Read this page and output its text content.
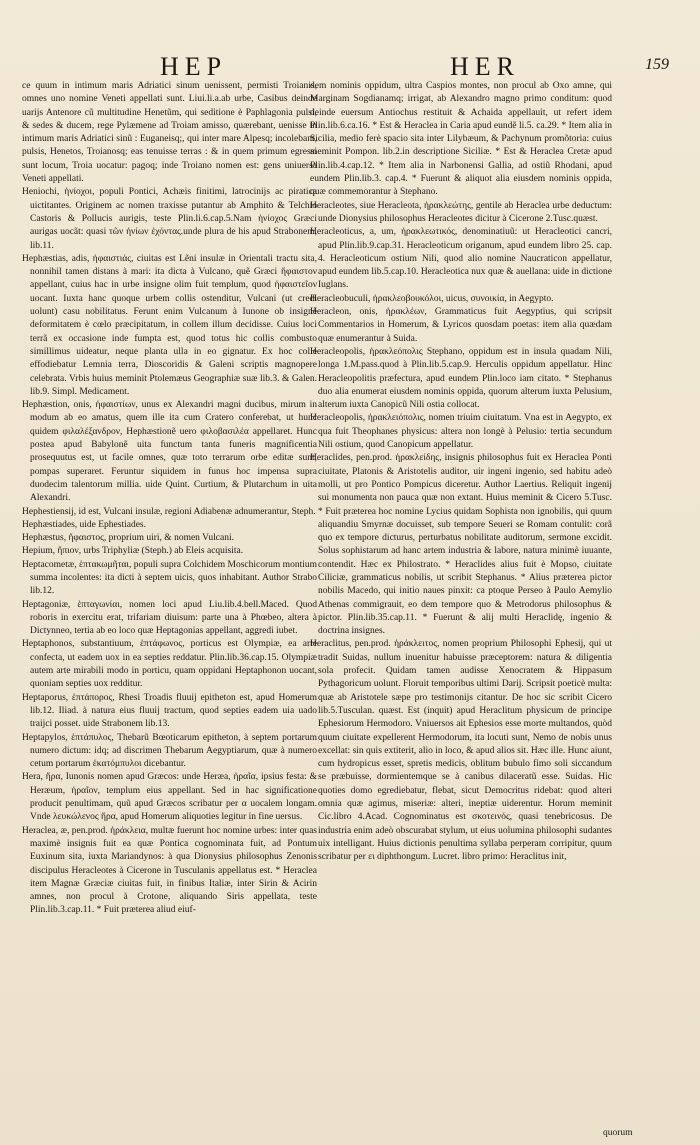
HEP	HER	159

ce quum in intimum maris Adriatici sinum uenissent, permisti Troianis, omnes uno nomine Veneti appellati sunt. Liui.li.a.ab urbe, Casibus deinde uarijs Antenore cũ multitudine Henetũm, qui seditione è Paphlagonia pulsi, & sedes & ducem, rege Pylæmene ad Troiam amisso, quærebant, uenisse in intimum maris Adriatici sinũ : Euganeisq;, qui inter mare Alpesq; incolebant, pulsis, Henetos, Troianosq; eas tenuisse terras : & in quem primum egressi sunt locum, Troia uocatur: pagoq; inde Troiano nomen est: gens uniuersa Veneti appellati.

Heniochi, ἡνίοχοι, populi Pontici, Achæis finitimi, latrocinijs ac piratica uictitantes. Originem ac nomen traxisse putantur ab Amphito & Telchio Castoris & Pollucis aurigis, teste Plin.li.6.cap.5.Nam ἡνίοχος Græci aurigas uocãt: quasi τῶν ἡνίων ἐχόντας.unde plura de his apud Strabonem, lib.11.

Hephæstias, adis, ἡφαιστιάς, ciuitas est Lẽni insulæ in Orientali tractu sita, nonnihil tamen distans à mari: ita dicta à Vulcano, quẽ Græci ἥφαιστον appellant, cuius hac in urbe insigne olim fuit templum, quod ἡφαιστεῖον uocant. Iuxta hanc quoque urbem collis ostenditur, Vulcani (ut credi uolunt) casu nobilitatus. Ferunt enim Vulcanum à Iunone ob insignẽ deformitatem è cœlo præcipitatum, in collem illum decidisse. Cuius loci terrã ex occasione inde fumpta est, quod totus hic collis combusto simillimus uideatur, neque planta ulla in eo gignatur. Ex hoc colle effodiebatur Lemnia terra, Dioscoridis & Galeni scriptis magnopere celebrata. Vrbis huius meminit Ptolemæus Geographiæ suæ lib.3. & Galen. lib.9. Simpl. Medicament.

Hephæstion, onis, ἡφαιστίων, unus ex Alexandri magni ducibus, mirum in modum ab eo amatus, quem ille ita cum Cratero conferebat, ut hunc quidem φιλαλέξανδρον, Hephæstionẽ uero φιλοβασιλέα appellaret. Hunc postea apud Babylonẽ uita functum tanta funeris magnificentia prosequutus est, ut facile omnes, quæ toto terrarum orbe editæ sunt, pompas superaret. Feruntur siquidem in funus hoc impensa supra duodecim talentorum millia. uide Quint. Curtium, & Plutarchum in uita Alexandri.

Hephestiensij, id est, Vulcani insulæ, regioni Adiabenæ adnumerantur, Steph.

Hephæstiades, uide Ephestiades.

Hephæstus, ἥφαιστος, proprium uiri, & nomen Vulcani.

Hepium, ἤπιον, urbs Triphyliæ (Steph.) ab Eleis acquisita.

Heptacometæ, ἑπτακωμῆται, populi supra Colchidem Moschicorum montium summa incolentes: ita dicti à septem uicis, quos inhabitant. Author Strabo lib.12.

Heptagoniæ, ἑπταγωνίαι, nomen loci apud Liu.lib.4.bell.Maced. Quod roboris in exercitu erat, trifariam diuisum: parte una à Phœbeo, altera à Dictynneo, tertia ab eo loco quæ Heptagonias appellant, aggredi iubet.

Heptaphonos, substantiuum, ἑπτάφωνος, porticus est Olympiæ, ea arte confecta, ut eadem uox in ea septies reddatur. Plin.lib.36.cap.15. Olympiæ autem arte mirabili modo in porticu, quam oppidani Heptaphonon uocant, quoniam septies uox redditur.

Heptaporus, ἑπτάπορος, Rhesi Troadis fluuij epitheton est, apud Homerum lib.12. Iliad. à natura eius fluuij tractum, quod septies eadem uia uado traijci posset. uide Strabonem lib.13.

Heptapylos, ἑπτάπυλος, Thebarũ Bœoticarum epitheton, à septem portarum numero dictum: idq; ad discrimen Thebarum Aegyptiarum, quæ à numero cetum portarum ἑκατόμπυλοι dicebantur.

Hera, ἥρα, Iunonis nomen apud Græcos: unde Heræa, ἡραῖα, ipsius festa: & Heræum, ἡραῖον, templum eius appellant. Sed in hac significatione producit penultimam, quũ apud Græcos scribatur per α uocalem longam. Vnde λευκώλενος ἥρα, apud Homerum aliquoties legitur in fine uersus.

Heraclea, æ, pen.prod. ἡράκλεια, multæ fuerunt hoc nomine urbes: inter quas maximè insignis fuit ea quæ Pontica cognominata fuit, ad Pontum Euxinum sita, iuxta Mariandynos: à qua Dionysius philosophus Zenonis discipulus Heracleotes à Cicerone in Tusculanis appellatus est. * Heraclea item Magnæ Græciæ ciuitas fuit, in finibus Italiæ, inter Sirin & Acirin amnes, non procul à Crotone, aliquando Siris appellata, teste Plin.lib.3.cap.11. * Fuit præterea aliud eiuf-

dem nominis oppidum, ultra Caspios montes, non procul ab Oxo amne, qui Marginam Sogdianamq; irrigat, ab Alexandro magno primo conditum: quod deinde euersum Antiochus restituit & Achaida appellauit, ut refert idem Plin.lib.6.ca.16. * Est & Heraclea in Caria apud eundẽ li.5. ca.29. * Item alia in Sicilia, medio ferè spacio sita inter Lilybæum, & Pachynum promõtoria: cuius meminit Pompon. lib.2.in descriptione Siciliæ. * Est & Heraclea Cretæ apud Plin.lib.4.cap.12. * Item alia in Narbonensi Gallia, ad ostiũ Rhodani, apud eundem Plin.lib.3. cap.4. * Fuerunt & aliquot alia eiusdem nominis oppida, quæ commemorantur à Stephano.

Heracleotes, siue Heracleota, ἡρακλεώτης, gentile ab Heraclea urbe deductum: unde Dionysius philosophus Heracleotes dicitur à Cicerone 2.Tusc.quæst.

Heracleoticus, a, um, ἡρακλεωτικός, denominatiuũ: ut Heracleotici cancri, apud Plin.lib.9.cap.31. Heracleoticum origanum, apud eundem libro 25. cap. 4. Heracleoticum ostium Nili, quod alio nomine Naucraticon appellatur, apud eundem lib.5.cap.10. Heracleotica nux quæ & auellana: uide in dictione Iuglans.

Heracleobuculi, ἡρακλεοβουκόλοι, uicus, συνοικία, in Aegypto.

Heracleon, onis, ἡρακλέων, Grammaticus fuit Aegyptius, qui scripsit Commentarios in Homerum, & Lyricos quosdam poetas: item alia quædam quæ enumerantur à Suida.

Heracleopolis, ἡρακλεόπολις Stephano, oppidum est in insula quadam Nili, longa 1.M.pass.quod à Plin.lib.5.cap.9. Herculis oppidum appellatur. Hinc Heracleopolitis præfectura, apud eundem Plin.loco iam citato. * Stephanus duo alia enumerat eiusdem nominis oppida, quorum alterum iuxta Pelusium, alterum iuxta Canopicũ Nili ostia collocat.

Heracleopolis, ἡρακλειόπολις, nomen triuim ciuitatum. Vna est in Aegypto, ex qua fuit Theophanes physicus: altera non longè à Pelusio: tertia secundum Nili ostium, quod Canopicum appellatur.

Heraclides, pen.prod. ἡρακλείδης, insignis philosophus fuit ex Heraclea Ponti ciuitate, Platonis & Aristotelis auditor, uir ingeni ingenio, sed habitu adeò molli, ut pro Pontico Pompicus diceretur. Author Laertius. Reliquit ingenij sui monumenta non pauca quæ non extant. Huius meminit & Cicero 5.Tusc. * Fuit præterea hoc nomine Lycius quidam Sophista non ignobilis, qui quum aliquandiu Smyrnæ docuisset, sub tempore Seueri se Romam contulit: corã quo ex tempore dicturus, perturbatus nobilitate auditorum, sermone excidit. Solus sophistarum ad hanc artem industria & labore, natura minimè iuuante, contendit. Hæc ex Philostrato. * Heraclides alius fuit è Mopso, ciuitate Ciliciæ, grammaticus nobilis, ut scribit Stephanus. * Alius præterea pictor nobilis Macedo, qui initio naues pinxit: ca ptoque Perseo à Paulo Aemylio Athenas commigrauit, eo dem tempore quo & Metrodorus philosophus & pictor. Plin.lib.35.cap.11. * Fuerunt & alij multi Heraclidę, ingenio & doctrina insignes.

Heraclitus, pen.prod. ἡράκλειτος, nomen proprium Philosophi Ephesij, qui ut tradit Suidas, nullum inuenitur habuisse præceptorem: natura & diligentia sola profecit. Quidam tamen audisse Xenocratem & Hippasum Pythagoricum uolunt. Floruit temporibus ultimi Darij. Scripsit poeticè multa: quæ ab Aristotele sæpe pro testimonijs citantur. De hoc sic scribit Cicero lib.5.Tusculan. quæst. Est (inquit) apud Heraclitum physicum de principe Ephesiorum Hermodoro. Vniuersos ait Ephesios esse morte multandos, quòd quum ciuitate expellerent Hermodorum, ita locuti sunt, Nemo de nobis unus excellat: sin quis extiterit, alio in loco, & apud alios sit. Hæc ille. Hunc aiunt, cum hydropicus esset, spretis medicis, oblitum bubulo fimo soli siccandum se præbuisse, dormientemque se à canibus dilaceratũ esse. Suidas. Hic quoties domo egrediebatur, flebat, sicut Democritus ridebat: quod alteri omnia quæ agimus, miseriæ: alteri, ineptiæ uiderentur. Horum meminit Cic.libro 4.Acad. Cognominatus est σκοτεινός, quasi tenebricosus. De industria enim adeò obscurabat stylum, ut eius uolumina philosophi sudantes uix intelligant. Huius dictionis penultima syllaba perperam corripitur, quum scribatur per ει diphthongum. Lucret. libro primo: Heraclitus init,

quorum
